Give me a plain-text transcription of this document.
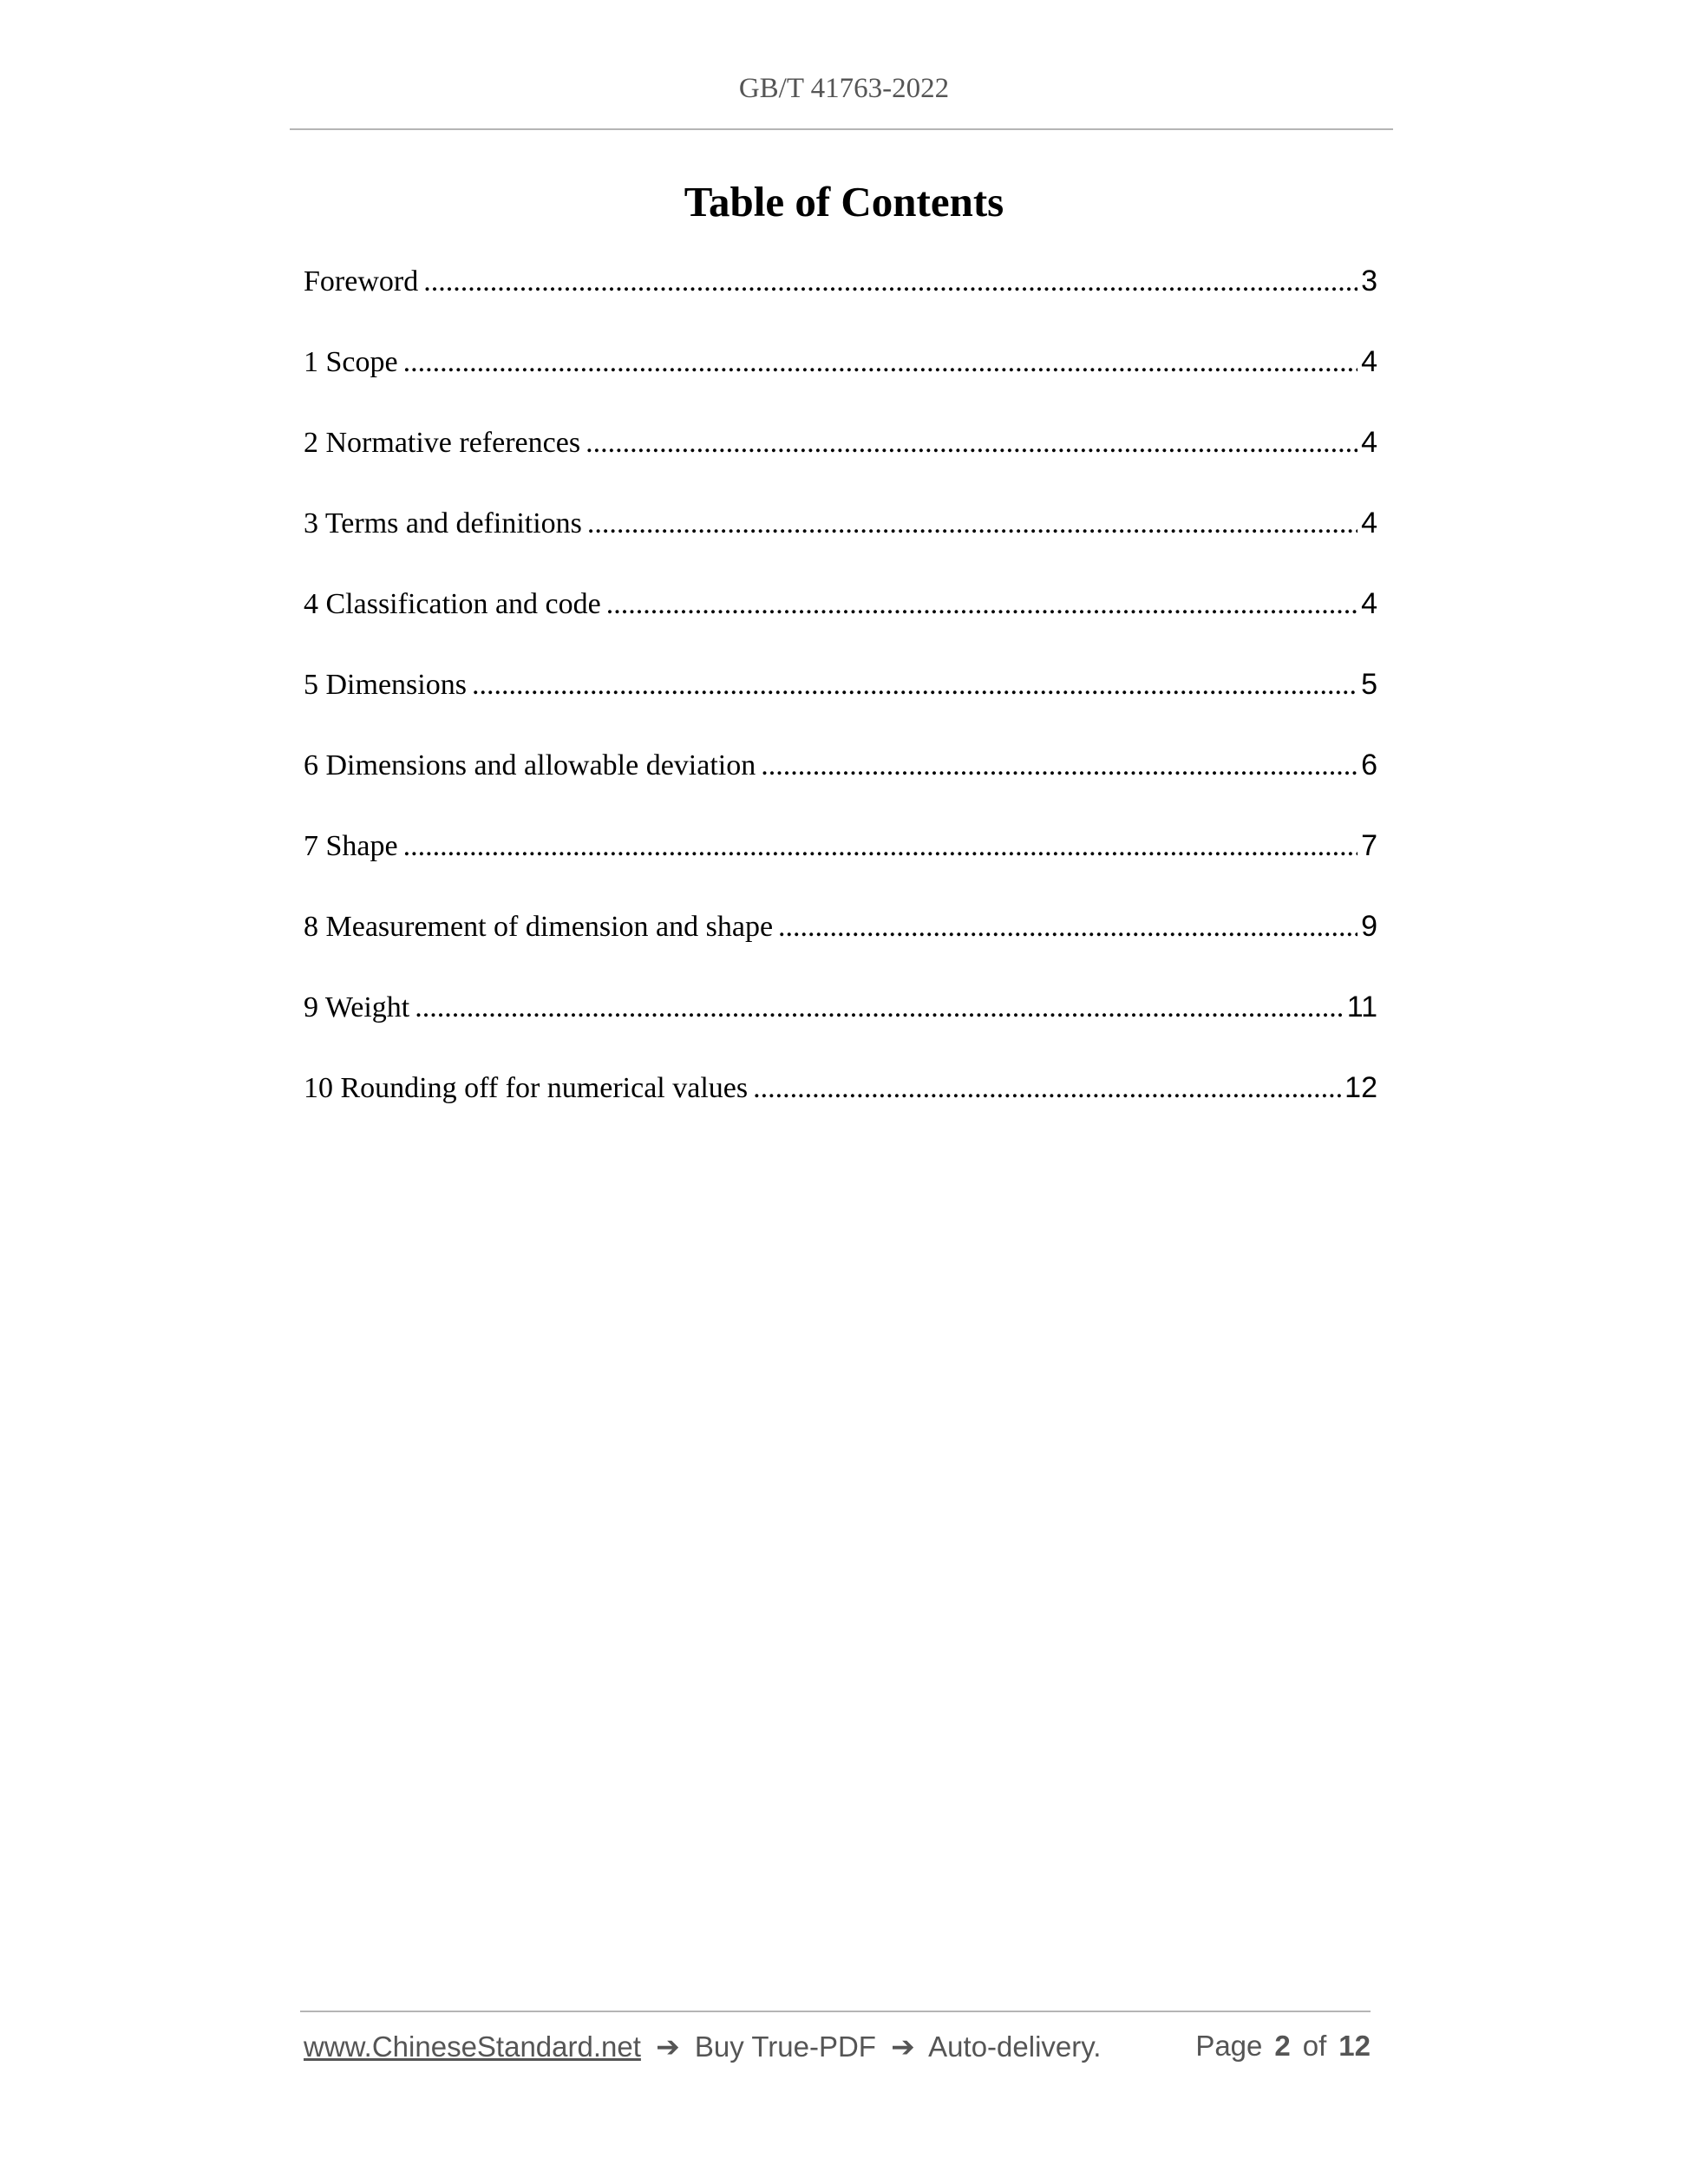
GB/T 41763-2022
Table of Contents
Foreword .....	3
1 Scope .....	4
2 Normative references .....	4
3 Terms and definitions .....	4
4 Classification and code .....	4
5 Dimensions .....	5
6 Dimensions and allowable deviation .....	6
7 Shape .....	7
8 Measurement of dimension and shape .....	9
9 Weight .....	11
10 Rounding off for numerical values .....	12
www.ChineseStandard.net ➔ Buy True-PDF ➔ Auto-delivery.	Page 2 of 12
